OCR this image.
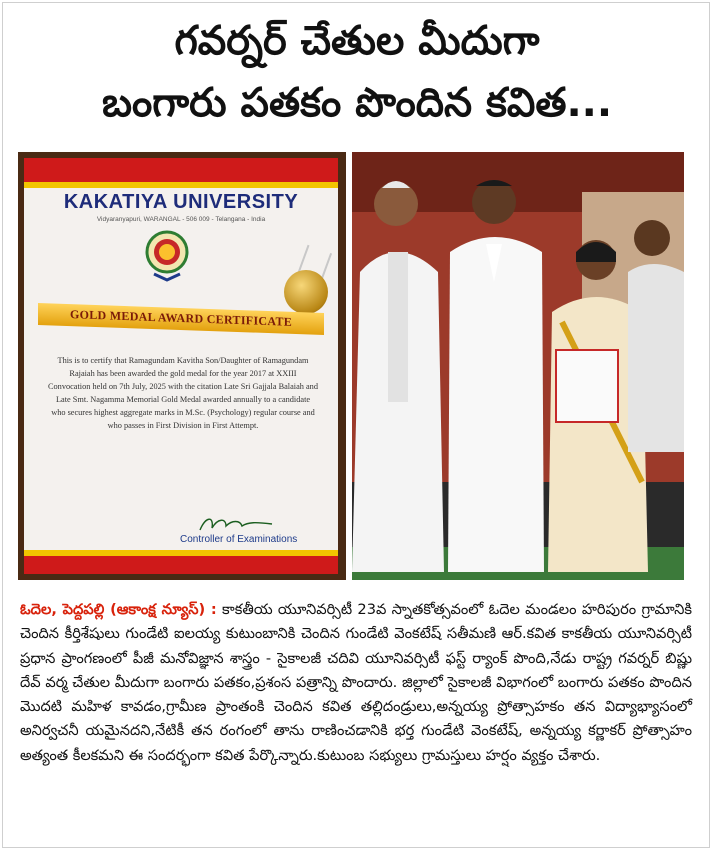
గవర్నర్ చేతుల మీదుగా
బంగారు పతకం పొందిన కవిత...
KAKATIYA UNIVERSITY
Vidyaranyapuri, WARANGAL - 506 009 - Telangana - India
GOLD MEDAL AWARD CERTIFICATE
This is to certify that Ramagundam Kavitha Son/Daughter of Ramagundam Rajaiah has been awarded the gold medal for the year 2017 at XXIII Convocation held on 7th July, 2025 with the citation Late Sri Gajjala Balaiah and Late Smt. Nagamma Memorial Gold Medal awarded annually to a candidate who secures highest aggregate marks in M.Sc. (Psychology) regular course and who passes in First Division in First Attempt.
Controller of Examinations
ఓదెల, పెద్దపల్లి (ఆకాంక్ష న్యూస్) : కాకతీయ యూనివర్సిటీ 23వ స్నాతకోత్సవంలో ఓదెల మండలం హరిపురం గ్రామానికి చెందిన కీర్తిశేషులు గుండేటి ఐలయ్య కుటుంబానికి చెందిన గుండేటి వెంకటేష్ సతీమణి ఆర్.కవిత కాకతీయ యూనివర్సిటీ ప్రధాన ప్రాంగణంలో పీజీ మనోవిజ్ఞాన శాస్త్రం - సైకాలజీ చదివి యూనివర్సిటీ ఫస్ట్ ర్యాంక్ పొంది,నేడు రాష్ట్ర గవర్నర్ బిష్ణు దేవ్ వర్మ చేతుల మీదుగా బంగారు పతకం,ప్రశంస పత్రాన్ని పొందారు. జిల్లాలో సైకాలజీ విభాగంలో బంగారు పతకం పొందిన మొదటి మహిళ కావడం,గ్రామీణ ప్రాంతంకి చెందిన కవిత తల్లిదండ్రులు,అన్నయ్య ప్రోత్సాహకం తన విద్యాభ్యాసంలో అనిర్వచనీ యమైనదని,నేటికీ తన రంగంలో తాను రాణించడానికి భర్త గుండేటి వెంకటేష్, అన్నయ్య కర్ణాకర్ ప్రోత్సాహం అత్యంత కీలకమని ఈ సందర్భంగా కవిత పేర్కొన్నారు.కుటుంబ సభ్యులు గ్రామస్తులు హర్షం వ్యక్తం చేశారు.
